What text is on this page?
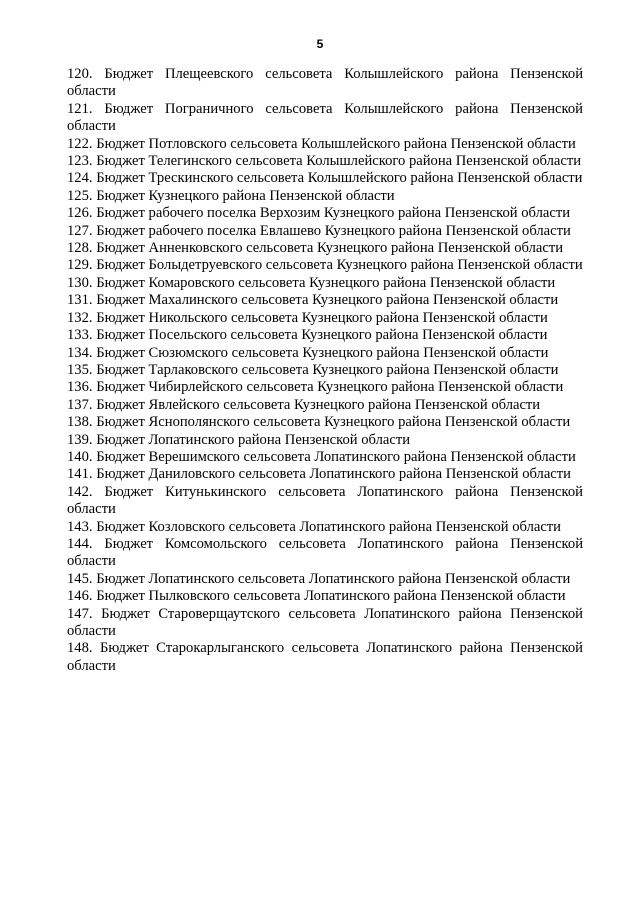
5

120. Бюджет Плещеевского сельсовета Колышлейского района Пензенской области

121. Бюджет Пограничного сельсовета Колышлейского района Пензенской области

122. Бюджет Потловского сельсовета Колышлейского района Пензенской области

123. Бюджет Телегинского сельсовета Колышлейского района Пензенской области

124. Бюджет Трескинского сельсовета Колышлейского района Пензенской области

125. Бюджет Кузнецкого района Пензенской области

126. Бюджет рабочего поселка Верхозим Кузнецкого района Пензенской области

127. Бюджет рабочего поселка Евлашево Кузнецкого района Пензенской области

128. Бюджет Анненковского сельсовета Кузнецкого района Пензенской области

129. Бюджет Болыдетруевского сельсовета Кузнецкого района Пензенской области

130. Бюджет Комаровского сельсовета Кузнецкого района Пензенской области

131. Бюджет Махалинского сельсовета Кузнецкого района Пензенской области

132. Бюджет Никольского сельсовета Кузнецкого района Пензенской области

133. Бюджет Посельского сельсовета Кузнецкого района Пензенской области

134. Бюджет Сюзюмского сельсовета Кузнецкого района Пензенской области

135. Бюджет Тарлаковского сельсовета Кузнецкого района Пензенской области

136. Бюджет Чибирлейского сельсовета Кузнецкого района Пензенской области

137. Бюджет Явлейского сельсовета Кузнецкого района Пензенской области

138. Бюджет Яснополянского сельсовета Кузнецкого района Пензенской области

139. Бюджет Лопатинского района Пензенской области

140. Бюджет Верешимского сельсовета Лопатинского района Пензенской области

141. Бюджет Даниловского сельсовета Лопатинского района Пензенской области

142. Бюджет Китунькинского сельсовета Лопатинского района Пензенской области

143. Бюджет Козловского сельсовета Лопатинского района Пензенской области

144. Бюджет Комсомольского сельсовета Лопатинского района Пензенской области

145. Бюджет Лопатинского сельсовета Лопатинского района Пензенской области

146. Бюджет Пылковского сельсовета Лопатинского района Пензенской области

147. Бюджет Староверщаутского сельсовета Лопатинского района Пензенской области

148. Бюджет Старокарлыганского сельсовета Лопатинского района Пензенской области
